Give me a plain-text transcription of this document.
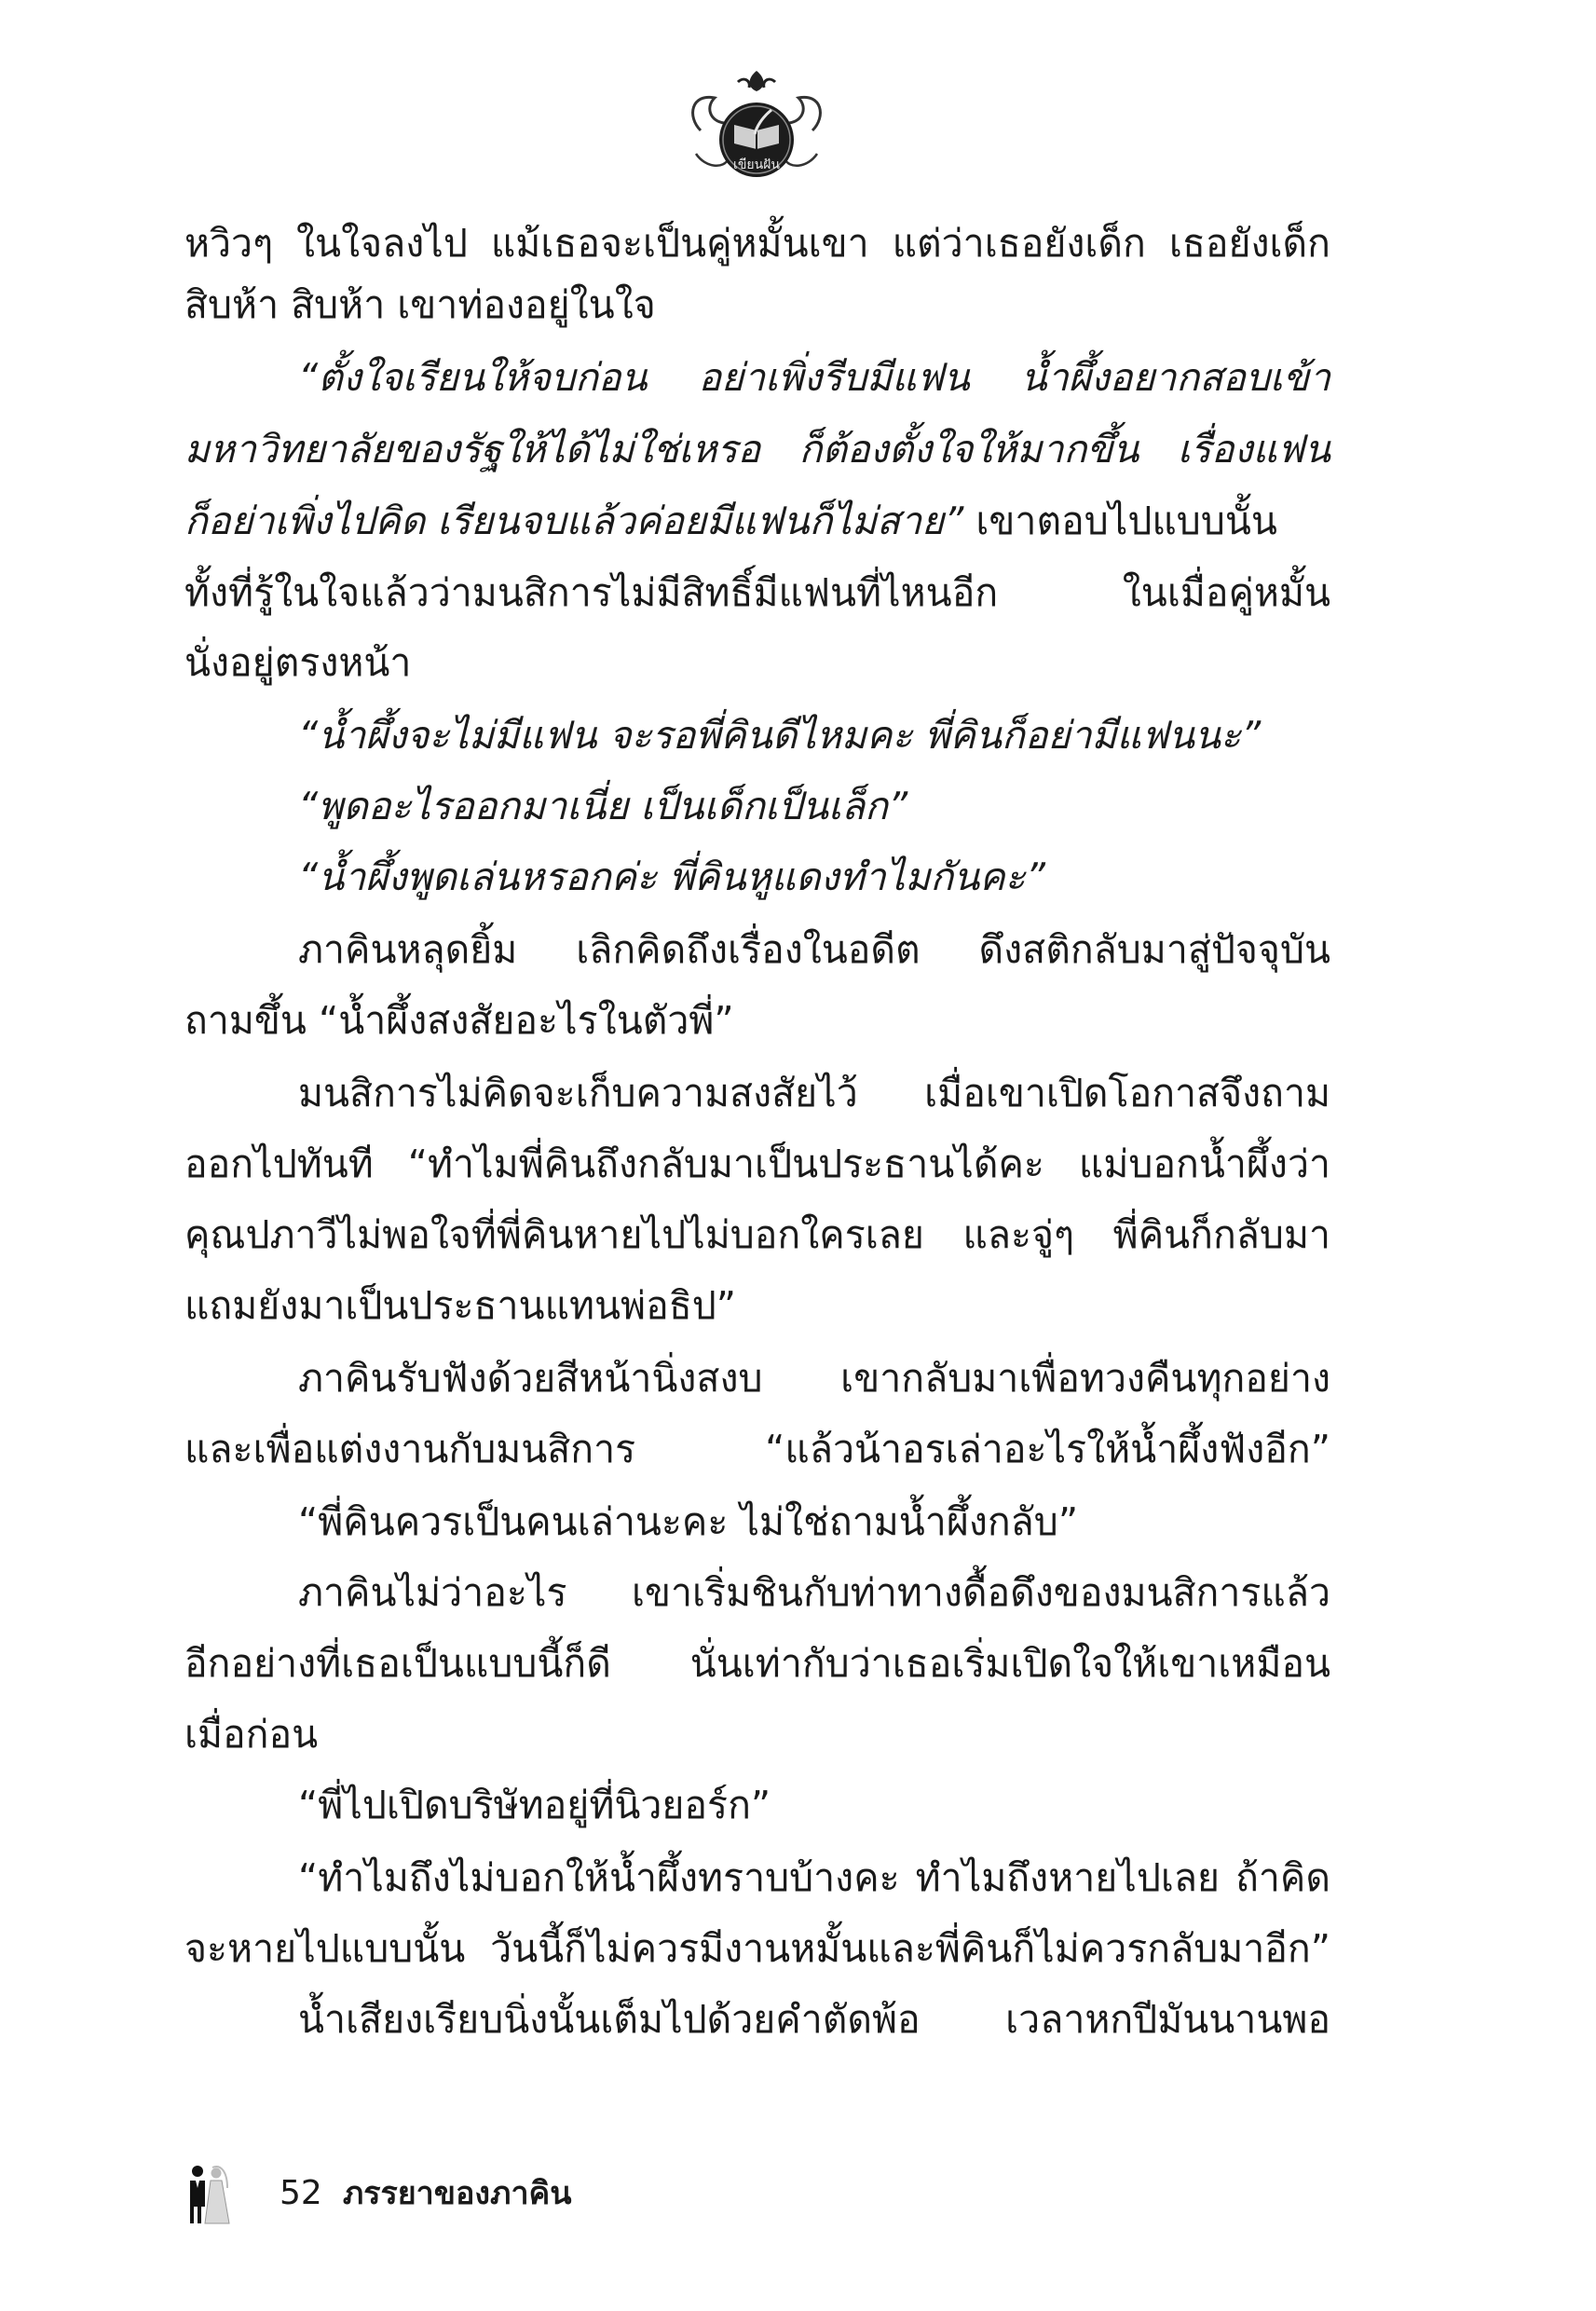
เขียนฝัน
หวิวๆ ในใจลงไป แม้เธอจะเป็นคู่หมั้นเขา แต่ว่าเธอยังเด็ก เธอยังเด็ก
สิบห้า สิบห้า เขาท่องอยู่ในใจ
“ตั้งใจเรียนให้จบก่อน อย่าเพิ่งรีบมีแฟน น้ำผึ้งอยากสอบเข้า
มหาวิทยาลัยของรัฐให้ได้ไม่ใช่เหรอ ก็ต้องตั้งใจให้มากขึ้น เรื่องแฟน
ก็อย่าเพิ่งไปคิด เรียนจบแล้วค่อยมีแฟนก็ไม่สาย” เขาตอบไปแบบนั้น
ทั้งที่รู้ในใจแล้วว่ามนสิการไม่มีสิทธิ์มีแฟนที่ไหนอีก ในเมื่อคู่หมั้น
นั่งอยู่ตรงหน้า
“น้ำผึ้งจะไม่มีแฟน จะรอพี่คินดีไหมคะ พี่คินก็อย่ามีแฟนนะ”
“พูดอะไรออกมาเนี่ย เป็นเด็กเป็นเล็ก”
“น้ำผึ้งพูดเล่นหรอกค่ะ พี่คินหูแดงทำไมกันคะ”
ภาคินหลุดยิ้ม เลิกคิดถึงเรื่องในอดีต ดึงสติกลับมาสู่ปัจจุบัน
ถามขึ้น “น้ำผึ้งสงสัยอะไรในตัวพี่”
มนสิการไม่คิดจะเก็บความสงสัยไว้ เมื่อเขาเปิดโอกาสจึงถาม
ออกไปทันที “ทำไมพี่คินถึงกลับมาเป็นประธานได้คะ แม่บอกน้ำผึ้งว่า
คุณปภาวีไม่พอใจที่พี่คินหายไปไม่บอกใครเลย และจู่ๆ พี่คินก็กลับมา
แถมยังมาเป็นประธานแทนพ่อธิป”
ภาคินรับฟังด้วยสีหน้านิ่งสงบ เขากลับมาเพื่อทวงคืนทุกอย่าง
และเพื่อแต่งงานกับมนสิการ “แล้วน้าอรเล่าอะไรให้น้ำผึ้งฟังอีก”
“พี่คินควรเป็นคนเล่านะคะ ไม่ใช่ถามน้ำผึ้งกลับ”
ภาคินไม่ว่าอะไร เขาเริ่มชินกับท่าทางดื้อดึงของมนสิการแล้ว
อีกอย่างที่เธอเป็นแบบนี้ก็ดี นั่นเท่ากับว่าเธอเริ่มเปิดใจให้เขาเหมือน
เมื่อก่อน
“พี่ไปเปิดบริษัทอยู่ที่นิวยอร์ก”
“ทำไมถึงไม่บอกให้น้ำผึ้งทราบบ้างคะ ทำไมถึงหายไปเลย ถ้าคิด
จะหายไปแบบนั้น วันนี้ก็ไม่ควรมีงานหมั้นและพี่คินก็ไม่ควรกลับมาอีก”
น้ำเสียงเรียบนิ่งนั้นเต็มไปด้วยคำตัดพ้อ เวลาหกปีมันนานพอ
52 ภรรยาของภาคิน
